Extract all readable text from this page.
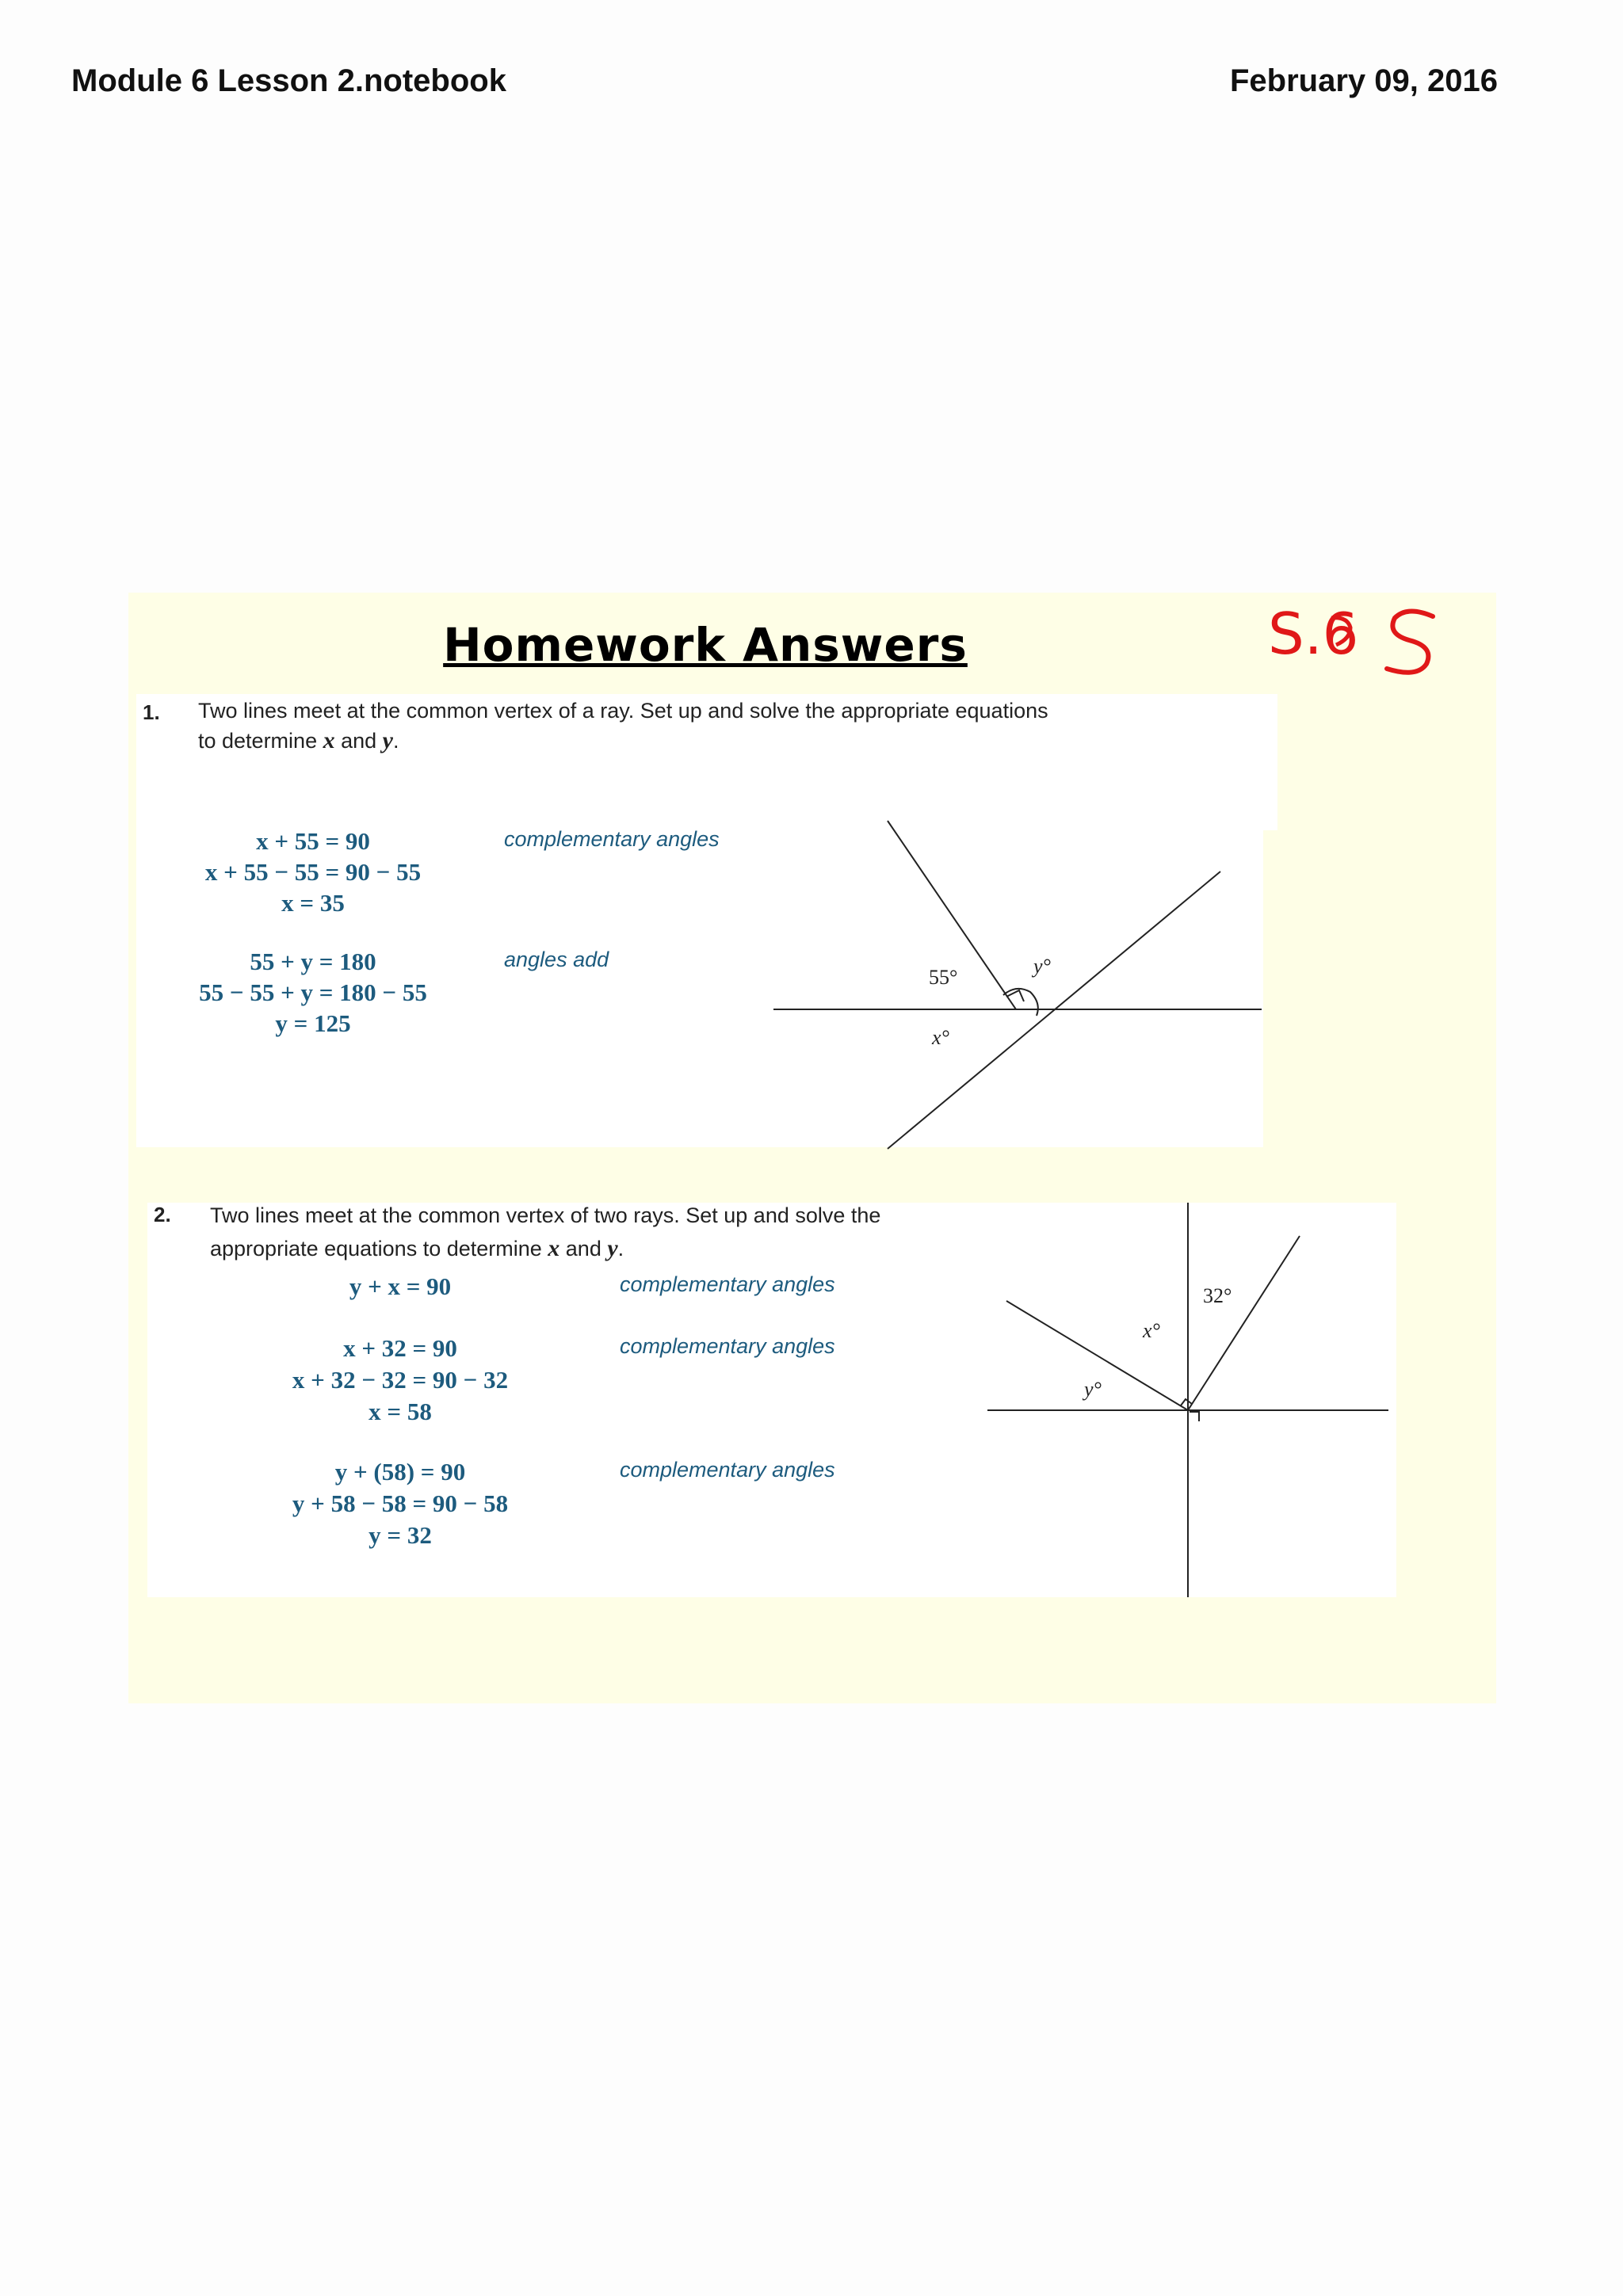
Module 6 Lesson 2.notebook	February 09, 2016
Homework Answers	S.6
1. Two lines meet at the common vertex of a ray. Set up and solve the appropriate equations
to determine x and y.
x + 55 = 90
x + 55 − 55 = 90 − 55
x = 35
complementary angles
55 + y = 180
55 − 55 + y = 180 − 55
y = 125
angles add
55°	y°
x°
2. Two lines meet at the common vertex of two rays. Set up and solve the
appropriate equations to determine x and y.
y + x = 90	complementary angles
x + 32 = 90
x + 32 − 32 = 90 − 32
x = 58
complementary angles
y + (58) = 90
y + 58 − 58 = 90 − 58
y = 32
complementary angles
32°
x°
y°
